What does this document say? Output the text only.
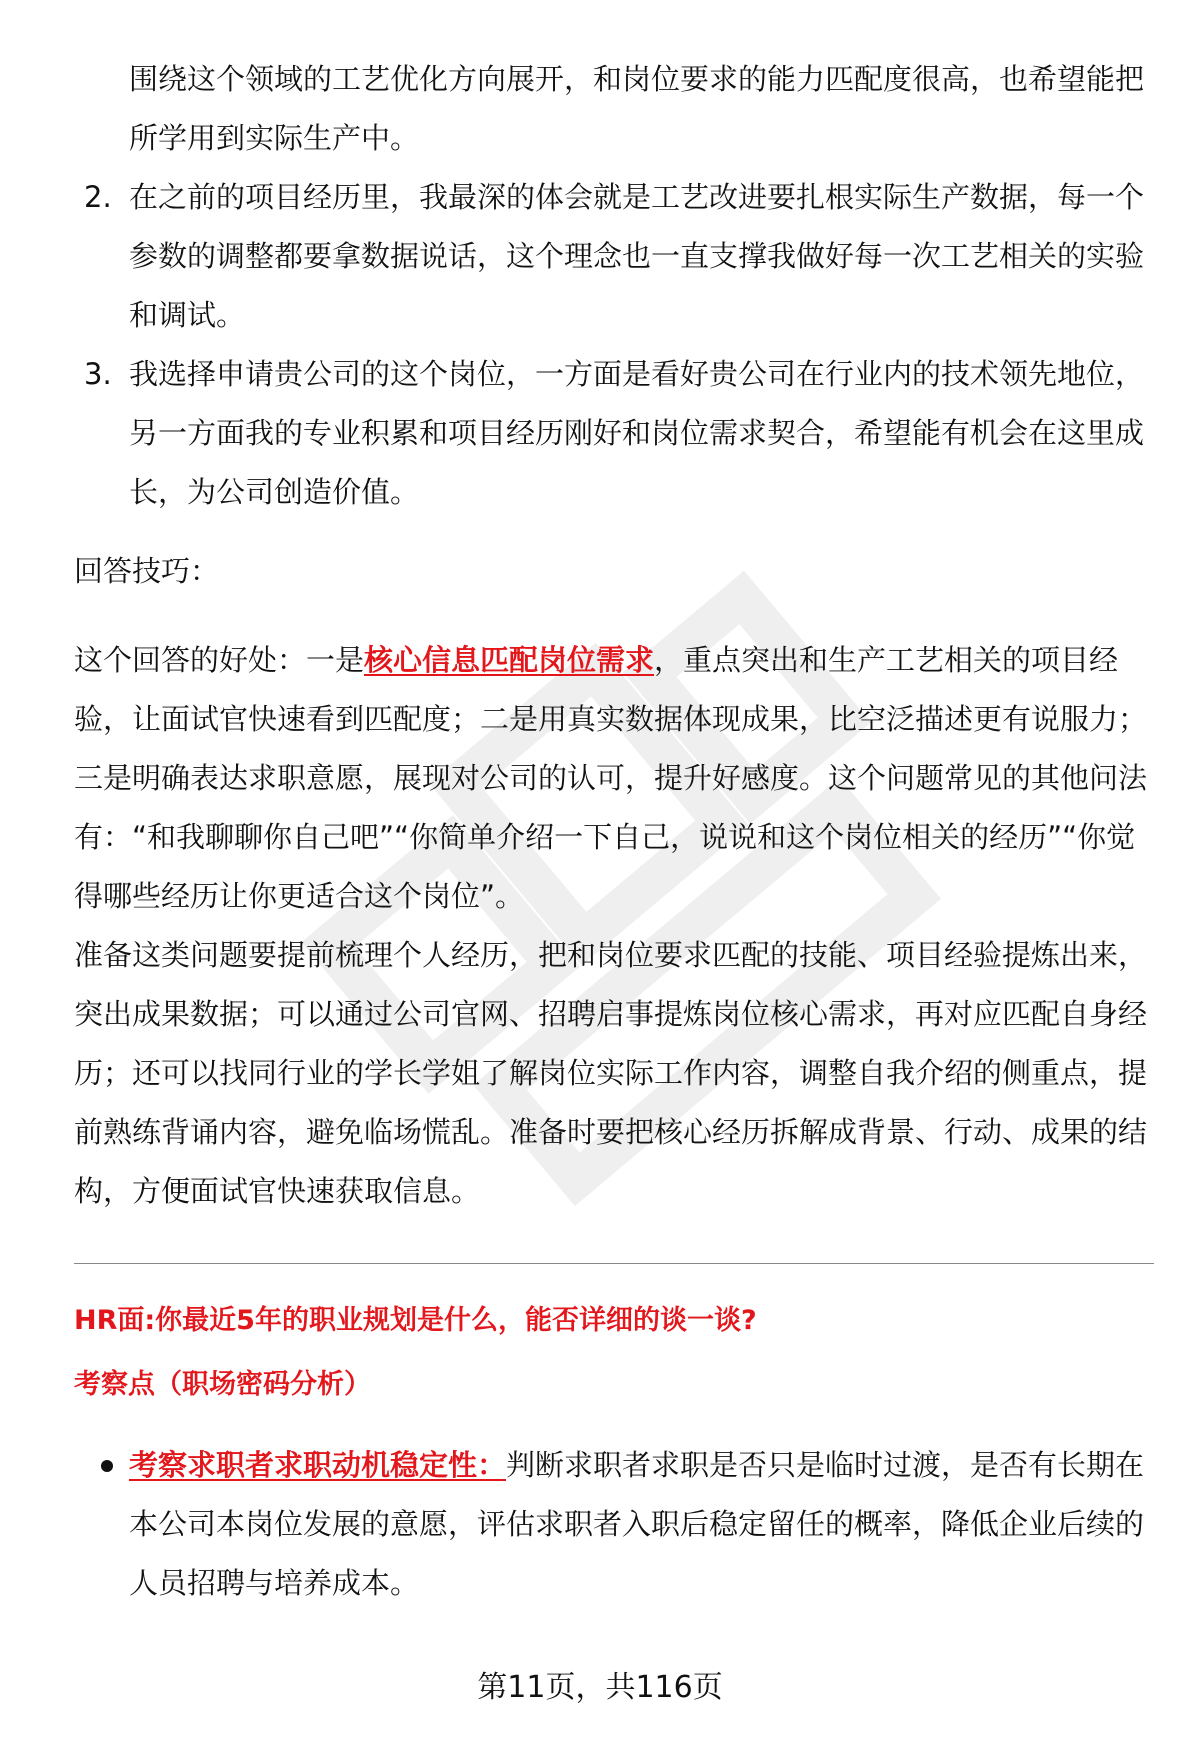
围绕这个领域的工艺优化方向展开，和岗位要求的能力匹配度很高，也希望能把所学用到实际生产中。

2. 在之前的项目经历里，我最深的体会就是工艺改进要扎根实际生产数据，每一个参数的调整都要拿数据说话，这个理念也一直支撑我做好每一次工艺相关的实验和调试。
3. 我选择申请贵公司的这个岗位，一方面是看好贵公司在行业内的技术领先地位，另一方面我的专业积累和项目经历刚好和岗位需求契合，希望能有机会在这里成长，为公司创造价值。

回答技巧：

这个回答的好处：一是核心信息匹配岗位需求，重点突出和生产工艺相关的项目经验，让面试官快速看到匹配度；二是用真实数据体现成果，比空泛描述更有说服力；三是明确表达求职意愿，展现对公司的认可，提升好感度。这个问题常见的其他问法有：“和我聊聊你自己吧”“你简单介绍一下自己，说说和这个岗位相关的经历”“你觉得哪些经历让你更适合这个岗位”。

准备这类问题要提前梳理个人经历，把和岗位要求匹配的技能、项目经验提炼出来，突出成果数据；可以通过公司官网、招聘启事提炼岗位核心需求，再对应匹配自身经历；还可以找同行业的学长学姐了解岗位实际工作内容，调整自我介绍的侧重点，提前熟练背诵内容，避免临场慌乱。准备时要把核心经历拆解成背景、行动、成果的结构，方便面试官快速获取信息。

HR面:你最近5年的职业规划是什么，能否详细的谈一谈?

考察点（职场密码分析）

考察求职者求职动机稳定性：判断求职者求职是否只是临时过渡，是否有长期在本公司本岗位发展的意愿，评估求职者入职后稳定留任的概率，降低企业后续的人员招聘与培养成本。
第11页，共116页
